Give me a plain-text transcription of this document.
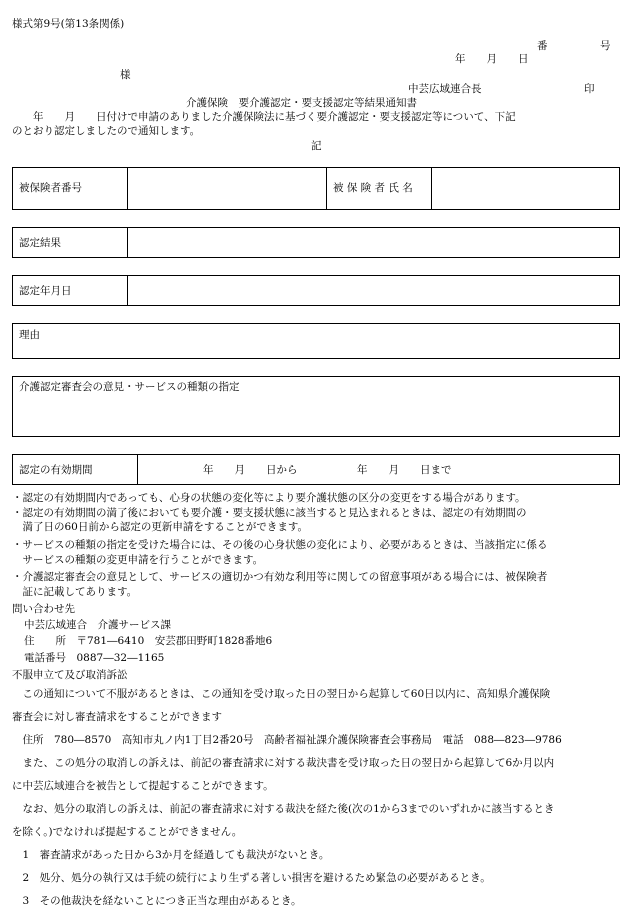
様式第9号(第13条関係)
番　　　　　号
年　　月　　日
様
中芸広域連合長	印
介護保険　要介護認定・要支援認定等結果通知書
　　年　　月　　日付けで申請のありました介護保険法に基づく要介護認定・要支援認定等について、下記
のとおり認定しましたので通知します。
記
被保険者番号	被 保 険 者 氏 名
認定結果
認定年月日
理由
介護認定審査会の意見・サービスの種類の指定
認定の有効期間	年　　月　　日から	年　　月　　日まで
・認定の有効期間内であっても、心身の状態の変化等により要介護状態の区分の変更をする場合があります。
・認定の有効期間の満了後においても要介護・要支援状態に該当すると見込まれるときは、認定の有効期間の
　満了日の60日前から認定の更新申請をすることができます。
・サービスの種類の指定を受けた場合には、その後の心身状態の変化により、必要があるときは、当該指定に係る
　サービスの種類の変更申請を行うことができます。
・介護認定審査会の意見として、サービスの適切かつ有効な利用等に関しての留意事項がある場合には、被保険者
　証に記載してあります。
問い合わせ先
中芸広域連合　介護サービス課
住　　所　〒781―6410　安芸郡田野町1828番地6
電話番号　0887―32―1165
不服申立て及び取消訴訟
　この通知について不服があるときは、この通知を受け取った日の翌日から起算して60日以内に、高知県介護保険
審査会に対し審査請求をすることができます
　住所　780―8570　高知市丸ノ内1丁目2番20号　高齢者福祉課介護保険審査会事務局　電話　088―823―9786
　また、この処分の取消しの訴えは、前記の審査請求に対する裁決書を受け取った日の翌日から起算して6か月以内
に中芸広域連合を被告として提起することができます。
　なお、処分の取消しの訴えは、前記の審査請求に対する裁決を経た後(次の1から3までのいずれかに該当するとき
を除く。)でなければ提起することができません。
　1　審査請求があった日から3か月を経過しても裁決がないとき。
　2　処分、処分の執行又は手続の続行により生ずる著しい損害を避けるため緊急の必要があるとき。
　3　その他裁決を経ないことにつき正当な理由があるとき。
